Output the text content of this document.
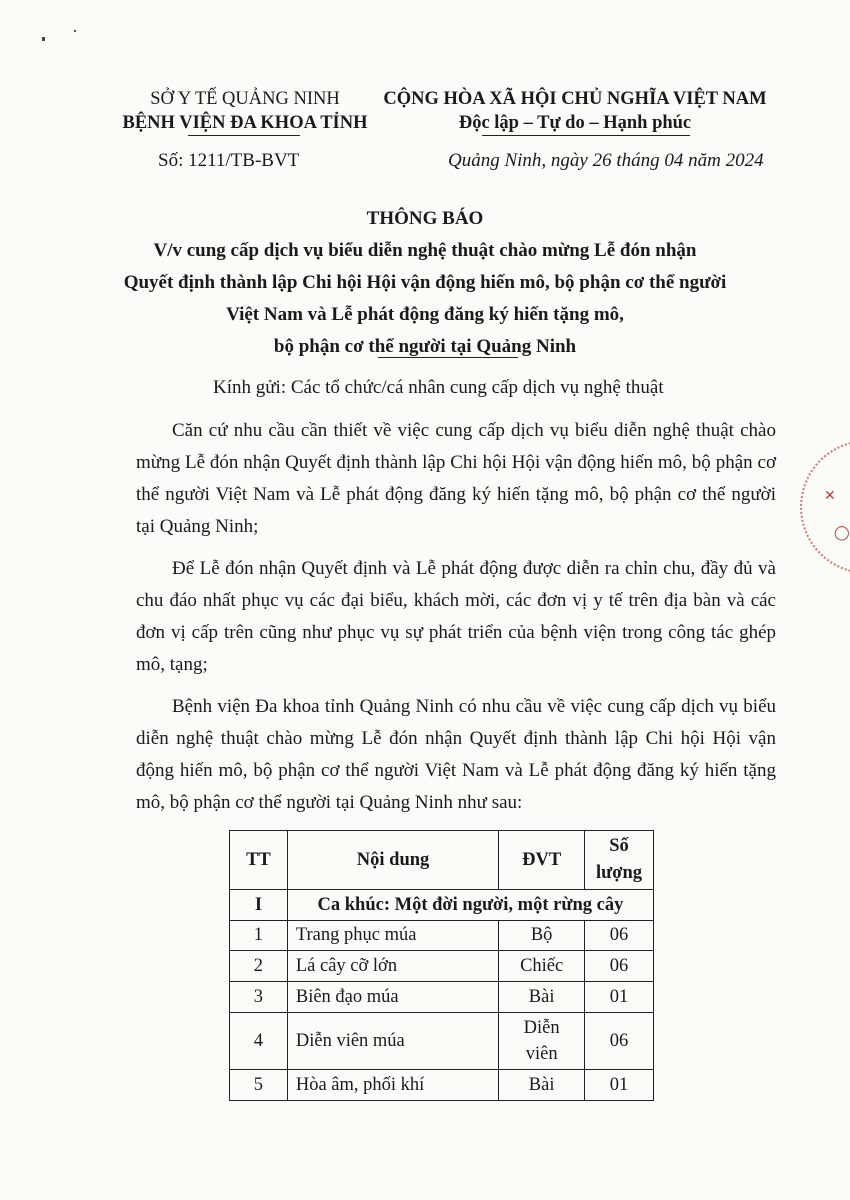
SỞ Y TẾ QUẢNG NINH
BỆNH VIỆN ĐA KHOA TỈNH
CỘNG HÒA XÃ HỘI CHỦ NGHĨA VIỆT NAM
Độc lập – Tự do – Hạnh phúc
Số: 1211/TB-BVT	Quảng Ninh, ngày 26 tháng 04 năm 2024
THÔNG BÁO
V/v cung cấp dịch vụ biểu diễn nghệ thuật chào mừng Lễ đón nhận
Quyết định thành lập Chi hội Hội vận động hiến mô, bộ phận cơ thể người
Việt Nam và Lễ phát động đăng ký hiến tặng mô,
bộ phận cơ thể người tại Quảng Ninh
Kính gửi: Các tổ chức/cá nhân cung cấp dịch vụ nghệ thuật
Căn cứ nhu cầu cần thiết về việc cung cấp dịch vụ biểu diễn nghệ thuật chào mừng Lễ đón nhận Quyết định thành lập Chi hội Hội vận động hiến mô, bộ phận cơ thể người Việt Nam và Lễ phát động đăng ký hiến tặng mô, bộ phận cơ thể người tại Quảng Ninh;
Để Lễ đón nhận Quyết định và Lễ phát động được diễn ra chỉn chu, đầy đủ và chu đáo nhất phục vụ các đại biểu, khách mời, các đơn vị y tế trên địa bàn và các đơn vị cấp trên cũng như phục vụ sự phát triển của bệnh viện trong công tác ghép mô, tạng;
Bệnh viện Đa khoa tỉnh Quảng Ninh có nhu cầu về việc cung cấp dịch vụ biểu diễn nghệ thuật chào mừng Lễ đón nhận Quyết định thành lập Chi hội Hội vận động hiến mô, bộ phận cơ thể người Việt Nam và Lễ phát động đăng ký hiến tặng mô, bộ phận cơ thể người tại Quảng Ninh như sau:
TT	Nội dung	ĐVT	Số
lượng

I	Ca khúc: Một đời người, một rừng cây		
1	Trang phục múa	Bộ	06
2	Lá cây cỡ lớn	Chiếc	06
3	Biên đạo múa	Bài	01
4	Diễn viên múa	Diễn
viên	06
5	Hòa âm, phối khí	Bài	01
✕
◯
